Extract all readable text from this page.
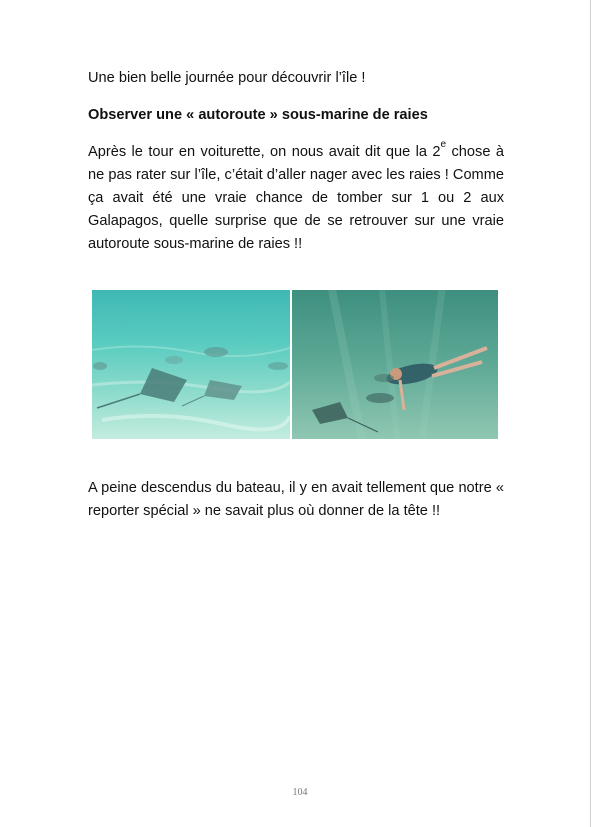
Une bien belle journée pour découvrir l’île !

Observer une « autoroute » sous-marine de raies

Après le tour en voiturette, on nous avait dit que la 2e chose à ne pas rater sur l’île, c’était d’aller nager avec les raies ! Comme ça avait été une vraie chance de tomber sur 1 ou 2 aux Galapagos, quelle surprise que de se retrouver sur une vraie autoroute sous-marine de raies !!

A peine descendus du bateau, il y en avait tellement que notre « reporter spécial » ne savait plus où donner de la tête !!

104
